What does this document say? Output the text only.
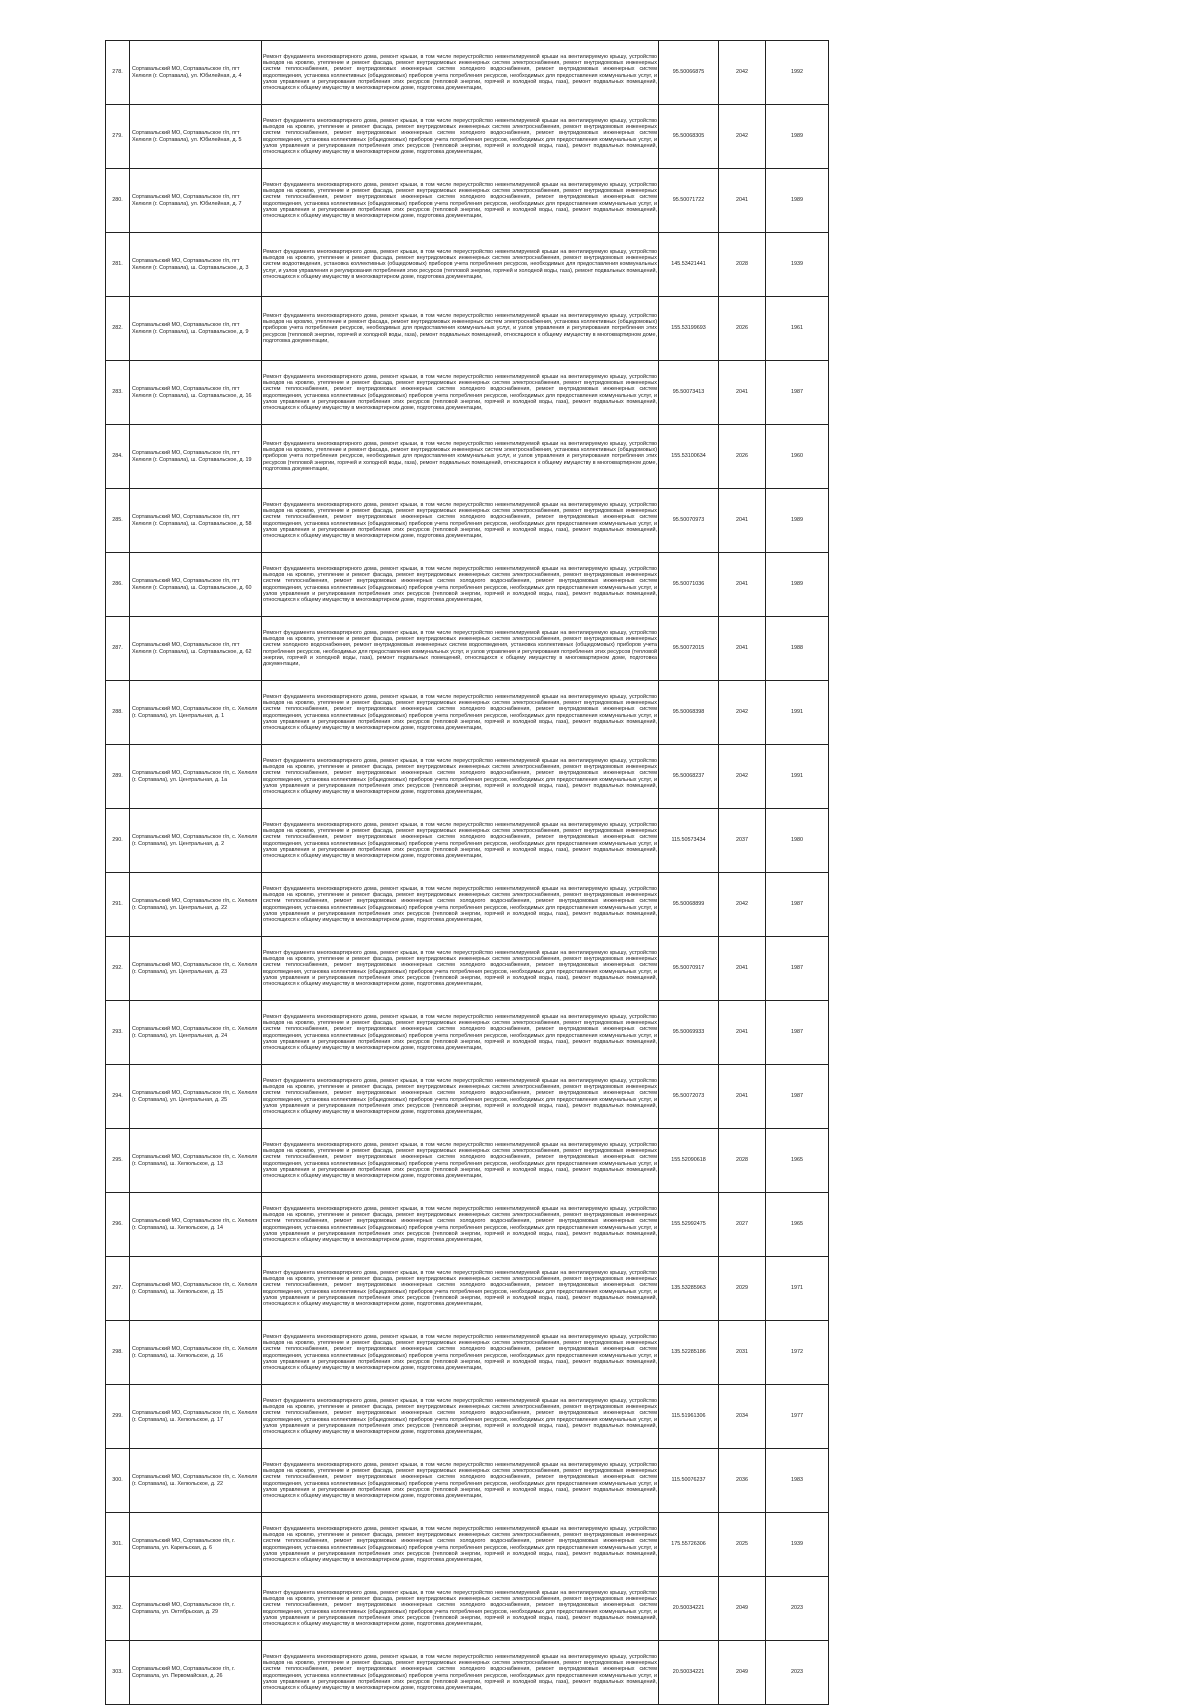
278.	Сортавальский МО, Сортавальское г/п, пгт Хелюля (г. Сортавала), ул. Юбилейная, д. 4	Ремонт фундамента многоквартирного дома, ремонт крыши, в том числе переустройство невентилируемой крыши на вентилируемую крышу, устройство выходов на кровлю, утепление и ремонт фасада, ремонт внутридомовых инженерных систем электроснабжения, ремонт внутридомовых инженерных систем теплоснабжения, ремонт внутридомовых инженерных систем холодного водоснабжения, ремонт внутридомовых инженерных систем водоотведения, установка коллективных (общедомовых) приборов учета потребления ресурсов, необходимых для предоставления коммунальных услуг, и узлов управления и регулирования потребления этих ресурсов (тепловой энергии, горячей и холодной воды, газа), ремонт подвальных помещений, относящихся к общему имуществу в многоквартирном доме, подготовка документации,	95.50066875	2042	1992
279.	Сортавальский МО, Сортавальское г/п, пгт Хелюля (г. Сортавала), ул. Юбилейная, д. 5	Ремонт фундамента многоквартирного дома, ремонт крыши, в том числе переустройство невентилируемой крыши на вентилируемую крышу, устройство выходов на кровлю, утепление и ремонт фасада, ремонт внутридомовых инженерных систем электроснабжения, ремонт внутридомовых инженерных систем теплоснабжения, ремонт внутридомовых инженерных систем холодного водоснабжения, ремонт внутридомовых инженерных систем водоотведения, установка коллективных (общедомовых) приборов учета потребления ресурсов, необходимых для предоставления коммунальных услуг, и узлов управления и регулирования потребления этих ресурсов (тепловой энергии, горячей и холодной воды, газа), ремонт подвальных помещений, относящихся к общему имуществу в многоквартирном доме, подготовка документации,	95.50068305	2042	1989
280.	Сортавальский МО, Сортавальское г/п, пгт Хелюля (г. Сортавала), ул. Юбилейная, д. 7	Ремонт фундамента многоквартирного дома, ремонт крыши, в том числе переустройство невентилируемой крыши на вентилируемую крышу, устройство выходов на кровлю, утепление и ремонт фасада, ремонт внутридомовых инженерных систем электроснабжения, ремонт внутридомовых инженерных систем теплоснабжения, ремонт внутридомовых инженерных систем холодного водоснабжения, ремонт внутридомовых инженерных систем водоотведения, установка коллективных (общедомовых) приборов учета потребления ресурсов, необходимых для предоставления коммунальных услуг, и узлов управления и регулирования потребления этих ресурсов (тепловой энергии, горячей и холодной воды, газа), ремонт подвальных помещений, относящихся к общему имуществу в многоквартирном доме, подготовка документации,	95.50071722	2041	1989
281.	Сортавальский МО, Сортавальское г/п, пгт Хелюля (г. Сортавала), ш. Сортавальское, д. 3	Ремонт фундамента многоквартирного дома, ремонт крыши, в том числе переустройство невентилируемой крыши на вентилируемую крышу, устройство выходов на кровлю, утепление и ремонт фасада, ремонт внутридомовых инженерных систем электроснабжения, ремонт внутридомовых инженерных систем водоотведения, установка коллективных (общедомовых) приборов учета потребления ресурсов, необходимых для предоставления коммунальных услуг, и узлов управления и регулирования потребления этих ресурсов (тепловой энергии, горячей и холодной воды, газа), ремонт подвальных помещений, относящихся к общему имуществу в многоквартирном доме, подготовка документации,	145.53421441	2028	1939
282.	Сортавальский МО, Сортавальское г/п, пгт Хелюля (г. Сортавала), ш. Сортавальское, д. 9	Ремонт фундамента многоквартирного дома, ремонт крыши, в том числе переустройство невентилируемой крыши на вентилируемую крышу, устройство выходов на кровлю, утепление и ремонт фасада, ремонт внутридомовых инженерных систем электроснабжения, установка коллективных (общедомовых) приборов учета потребления ресурсов, необходимых для предоставления коммунальных услуг, и узлов управления и регулирования потребления этих ресурсов (тепловой энергии, горячей и холодной воды, газа), ремонт подвальных помещений, относящихся к общему имуществу в многоквартирном доме, подготовка документации,	155.53199693	2026	1961
283.	Сортавальский МО, Сортавальское г/п, пгт Хелюля (г. Сортавала), ш. Сортавальское, д. 16	Ремонт фундамента многоквартирного дома, ремонт крыши, в том числе переустройство невентилируемой крыши на вентилируемую крышу, устройство выходов на кровлю, утепление и ремонт фасада, ремонт внутридомовых инженерных систем электроснабжения, ремонт внутридомовых инженерных систем теплоснабжения, ремонт внутридомовых инженерных систем холодного водоснабжения, ремонт внутридомовых инженерных систем водоотведения, установка коллективных (общедомовых) приборов учета потребления ресурсов, необходимых для предоставления коммунальных услуг, и узлов управления и регулирования потребления этих ресурсов (тепловой энергии, горячей и холодной воды, газа), ремонт подвальных помещений, относящихся к общему имуществу в многоквартирном доме, подготовка документации,	95.50073413	2041	1987
284.	Сортавальский МО, Сортавальское г/п, пгт Хелюля (г. Сортавала), ш. Сортавальское, д. 19	Ремонт фундамента многоквартирного дома, ремонт крыши, в том числе переустройство невентилируемой крыши на вентилируемую крышу, устройство выходов на кровлю, утепление и ремонт фасада, ремонт внутридомовых инженерных систем электроснабжения, установка коллективных (общедомовых) приборов учета потребления ресурсов, необходимых для предоставления коммунальных услуг, и узлов управления и регулирования потребления этих ресурсов (тепловой энергии, горячей и холодной воды, газа), ремонт подвальных помещений, относящихся к общему имуществу в многоквартирном доме, подготовка документации,	155.53100634	2026	1960
285.	Сортавальский МО, Сортавальское г/п, пгт Хелюля (г. Сортавала), ш. Сортавальское, д. 58	Ремонт фундамента многоквартирного дома, ремонт крыши, в том числе переустройство невентилируемой крыши на вентилируемую крышу, устройство выходов на кровлю, утепление и ремонт фасада, ремонт внутридомовых инженерных систем электроснабжения, ремонт внутридомовых инженерных систем теплоснабжения, ремонт внутридомовых инженерных систем холодного водоснабжения, ремонт внутридомовых инженерных систем водоотведения, установка коллективных (общедомовых) приборов учета потребления ресурсов, необходимых для предоставления коммунальных услуг, и узлов управления и регулирования потребления этих ресурсов (тепловой энергии, горячей и холодной воды, газа), ремонт подвальных помещений, относящихся к общему имуществу в многоквартирном доме, подготовка документации,	95.50070973	2041	1989
286.	Сортавальский МО, Сортавальское г/п, пгт Хелюля (г. Сортавала), ш. Сортавальское, д. 60	Ремонт фундамента многоквартирного дома, ремонт крыши, в том числе переустройство невентилируемой крыши на вентилируемую крышу, устройство выходов на кровлю, утепление и ремонт фасада, ремонт внутридомовых инженерных систем электроснабжения, ремонт внутридомовых инженерных систем теплоснабжения, ремонт внутридомовых инженерных систем холодного водоснабжения, ремонт внутридомовых инженерных систем водоотведения, установка коллективных (общедомовых) приборов учета потребления ресурсов, необходимых для предоставления коммунальных услуг, и узлов управления и регулирования потребления этих ресурсов (тепловой энергии, горячей и холодной воды, газа), ремонт подвальных помещений, относящихся к общему имуществу в многоквартирном доме, подготовка документации,	95.50071036	2041	1989
287.	Сортавальский МО, Сортавальское г/п, пгт Хелюля (г. Сортавала), ш. Сортавальское, д. 62	Ремонт фундамента многоквартирного дома, ремонт крыши, в том числе переустройство невентилируемой крыши на вентилируемую крышу, устройство выходов на кровлю, утепление и ремонт фасада, ремонт внутридомовых инженерных систем электроснабжения, ремонт внутридомовых инженерных систем холодного водоснабжения, ремонт внутридомовых инженерных систем водоотведения, установка коллективных (общедомовых) приборов учета потребления ресурсов, необходимых для предоставления коммунальных услуг, и узлов управления и регулирования потребления этих ресурсов (тепловой энергии, горячей и холодной воды, газа), ремонт подвальных помещений, относящихся к общему имуществу в многоквартирном доме, подготовка документации,	95.50072015	2041	1988
288.	Сортавальский МО, Сортавальское г/п, с. Хелюля (г. Сортавала), ул. Центральная, д. 1	Ремонт фундамента многоквартирного дома, ремонт крыши, в том числе переустройство невентилируемой крыши на вентилируемую крышу, устройство выходов на кровлю, утепление и ремонт фасада, ремонт внутридомовых инженерных систем электроснабжения, ремонт внутридомовых инженерных систем теплоснабжения, ремонт внутридомовых инженерных систем холодного водоснабжения, ремонт внутридомовых инженерных систем водоотведения, установка коллективных (общедомовых) приборов учета потребления ресурсов, необходимых для предоставления коммунальных услуг, и узлов управления и регулирования потребления этих ресурсов (тепловой энергии, горячей и холодной воды, газа), ремонт подвальных помещений, относящихся к общему имуществу в многоквартирном доме, подготовка документации,	95.50068398	2042	1991
289.	Сортавальский МО, Сортавальское г/п, с. Хелюля (г. Сортавала), ул. Центральная, д. 1а	Ремонт фундамента многоквартирного дома, ремонт крыши, в том числе переустройство невентилируемой крыши на вентилируемую крышу, устройство выходов на кровлю, утепление и ремонт фасада, ремонт внутридомовых инженерных систем электроснабжения, ремонт внутридомовых инженерных систем теплоснабжения, ремонт внутридомовых инженерных систем холодного водоснабжения, ремонт внутридомовых инженерных систем водоотведения, установка коллективных (общедомовых) приборов учета потребления ресурсов, необходимых для предоставления коммунальных услуг, и узлов управления и регулирования потребления этих ресурсов (тепловой энергии, горячей и холодной воды, газа), ремонт подвальных помещений, относящихся к общему имуществу в многоквартирном доме, подготовка документации,	95.50068237	2042	1991
290.	Сортавальский МО, Сортавальское г/п, с. Хелюля (г. Сортавала), ул. Центральная, д. 2	Ремонт фундамента многоквартирного дома, ремонт крыши, в том числе переустройство невентилируемой крыши на вентилируемую крышу, устройство выходов на кровлю, утепление и ремонт фасада, ремонт внутридомовых инженерных систем электроснабжения, ремонт внутридомовых инженерных систем теплоснабжения, ремонт внутридомовых инженерных систем холодного водоснабжения, ремонт внутридомовых инженерных систем водоотведения, установка коллективных (общедомовых) приборов учета потребления ресурсов, необходимых для предоставления коммунальных услуг, и узлов управления и регулирования потребления этих ресурсов (тепловой энергии, горячей и холодной воды, газа), ремонт подвальных помещений, относящихся к общему имуществу в многоквартирном доме, подготовка документации,	115.50573434	2037	1980
291.	Сортавальский МО, Сортавальское г/п, с. Хелюля (г. Сортавала), ул. Центральная, д. 22	Ремонт фундамента многоквартирного дома, ремонт крыши, в том числе переустройство невентилируемой крыши на вентилируемую крышу, устройство выходов на кровлю, утепление и ремонт фасада, ремонт внутридомовых инженерных систем электроснабжения, ремонт внутридомовых инженерных систем теплоснабжения, ремонт внутридомовых инженерных систем холодного водоснабжения, ремонт внутридомовых инженерных систем водоотведения, установка коллективных (общедомовых) приборов учета потребления ресурсов, необходимых для предоставления коммунальных услуг, и узлов управления и регулирования потребления этих ресурсов (тепловой энергии, горячей и холодной воды, газа), ремонт подвальных помещений, относящихся к общему имуществу в многоквартирном доме, подготовка документации,	95.50068899	2042	1987
292.	Сортавальский МО, Сортавальское г/п, с. Хелюля (г. Сортавала), ул. Центральная, д. 23	Ремонт фундамента многоквартирного дома, ремонт крыши, в том числе переустройство невентилируемой крыши на вентилируемую крышу, устройство выходов на кровлю, утепление и ремонт фасада, ремонт внутридомовых инженерных систем электроснабжения, ремонт внутридомовых инженерных систем теплоснабжения, ремонт внутридомовых инженерных систем холодного водоснабжения, ремонт внутридомовых инженерных систем водоотведения, установка коллективных (общедомовых) приборов учета потребления ресурсов, необходимых для предоставления коммунальных услуг, и узлов управления и регулирования потребления этих ресурсов (тепловой энергии, горячей и холодной воды, газа), ремонт подвальных помещений, относящихся к общему имуществу в многоквартирном доме, подготовка документации,	95.50070917	2041	1987
293.	Сортавальский МО, Сортавальское г/п, с. Хелюля (г. Сортавала), ул. Центральная, д. 24	Ремонт фундамента многоквартирного дома, ремонт крыши, в том числе переустройство невентилируемой крыши на вентилируемую крышу, устройство выходов на кровлю, утепление и ремонт фасада, ремонт внутридомовых инженерных систем электроснабжения, ремонт внутридомовых инженерных систем теплоснабжения, ремонт внутридомовых инженерных систем холодного водоснабжения, ремонт внутридомовых инженерных систем водоотведения, установка коллективных (общедомовых) приборов учета потребления ресурсов, необходимых для предоставления коммунальных услуг, и узлов управления и регулирования потребления этих ресурсов (тепловой энергии, горячей и холодной воды, газа), ремонт подвальных помещений, относящихся к общему имуществу в многоквартирном доме, подготовка документации,	95.50069933	2041	1987
294.	Сортавальский МО, Сортавальское г/п, с. Хелюля (г. Сортавала), ул. Центральная, д. 25	Ремонт фундамента многоквартирного дома, ремонт крыши, в том числе переустройство невентилируемой крыши на вентилируемую крышу, устройство выходов на кровлю, утепление и ремонт фасада, ремонт внутридомовых инженерных систем электроснабжения, ремонт внутридомовых инженерных систем теплоснабжения, ремонт внутридомовых инженерных систем холодного водоснабжения, ремонт внутридомовых инженерных систем водоотведения, установка коллективных (общедомовых) приборов учета потребления ресурсов, необходимых для предоставления коммунальных услуг, и узлов управления и регулирования потребления этих ресурсов (тепловой энергии, горячей и холодной воды, газа), ремонт подвальных помещений, относящихся к общему имуществу в многоквартирном доме, подготовка документации,	95.50072073	2041	1987
295.	Сортавальский МО, Сортавальское г/п, с. Хелюля (г. Сортавала), ш. Хелюльское, д. 13	Ремонт фундамента многоквартирного дома, ремонт крыши, в том числе переустройство невентилируемой крыши на вентилируемую крышу, устройство выходов на кровлю, утепление и ремонт фасада, ремонт внутридомовых инженерных систем электроснабжения, ремонт внутридомовых инженерных систем теплоснабжения, ремонт внутридомовых инженерных систем холодного водоснабжения, ремонт внутридомовых инженерных систем водоотведения, установка коллективных (общедомовых) приборов учета потребления ресурсов, необходимых для предоставления коммунальных услуг, и узлов управления и регулирования потребления этих ресурсов (тепловой энергии, горячей и холодной воды, газа), ремонт подвальных помещений, относящихся к общему имуществу в многоквартирном доме, подготовка документации,	155.52090618	2028	1965
296.	Сортавальский МО, Сортавальское г/п, с. Хелюля (г. Сортавала), ш. Хелюльское, д. 14	Ремонт фундамента многоквартирного дома, ремонт крыши, в том числе переустройство невентилируемой крыши на вентилируемую крышу, устройство выходов на кровлю, утепление и ремонт фасада, ремонт внутридомовых инженерных систем электроснабжения, ремонт внутридомовых инженерных систем теплоснабжения, ремонт внутридомовых инженерных систем холодного водоснабжения, ремонт внутридомовых инженерных систем водоотведения, установка коллективных (общедомовых) приборов учета потребления ресурсов, необходимых для предоставления коммунальных услуг, и узлов управления и регулирования потребления этих ресурсов (тепловой энергии, горячей и холодной воды, газа), ремонт подвальных помещений, относящихся к общему имуществу в многоквартирном доме, подготовка документации,	155.52992475	2027	1965
297.	Сортавальский МО, Сортавальское г/п, с. Хелюля (г. Сортавала), ш. Хелюльское, д. 15	Ремонт фундамента многоквартирного дома, ремонт крыши, в том числе переустройство невентилируемой крыши на вентилируемую крышу, устройство выходов на кровлю, утепление и ремонт фасада, ремонт внутридомовых инженерных систем электроснабжения, ремонт внутридомовых инженерных систем теплоснабжения, ремонт внутридомовых инженерных систем холодного водоснабжения, ремонт внутридомовых инженерных систем водоотведения, установка коллективных (общедомовых) приборов учета потребления ресурсов, необходимых для предоставления коммунальных услуг, и узлов управления и регулирования потребления этих ресурсов (тепловой энергии, горячей и холодной воды, газа), ремонт подвальных помещений, относящихся к общему имуществу в многоквартирном доме, подготовка документации,	135.53285963	2029	1971
298.	Сортавальский МО, Сортавальское г/п, с. Хелюля (г. Сортавала), ш. Хелюльское, д. 16	Ремонт фундамента многоквартирного дома, ремонт крыши, в том числе переустройство невентилируемой крыши на вентилируемую крышу, устройство выходов на кровлю, утепление и ремонт фасада, ремонт внутридомовых инженерных систем электроснабжения, ремонт внутридомовых инженерных систем теплоснабжения, ремонт внутридомовых инженерных систем холодного водоснабжения, ремонт внутридомовых инженерных систем водоотведения, установка коллективных (общедомовых) приборов учета потребления ресурсов, необходимых для предоставления коммунальных услуг, и узлов управления и регулирования потребления этих ресурсов (тепловой энергии, горячей и холодной воды, газа), ремонт подвальных помещений, относящихся к общему имуществу в многоквартирном доме, подготовка документации,	135.52285186	2031	1972
299.	Сортавальский МО, Сортавальское г/п, с. Хелюля (г. Сортавала), ш. Хелюльское, д. 17	Ремонт фундамента многоквартирного дома, ремонт крыши, в том числе переустройство невентилируемой крыши на вентилируемую крышу, устройство выходов на кровлю, утепление и ремонт фасада, ремонт внутридомовых инженерных систем электроснабжения, ремонт внутридомовых инженерных систем теплоснабжения, ремонт внутридомовых инженерных систем холодного водоснабжения, ремонт внутридомовых инженерных систем водоотведения, установка коллективных (общедомовых) приборов учета потребления ресурсов, необходимых для предоставления коммунальных услуг, и узлов управления и регулирования потребления этих ресурсов (тепловой энергии, горячей и холодной воды, газа), ремонт подвальных помещений, относящихся к общему имуществу в многоквартирном доме, подготовка документации,	115.51961306	2034	1977
300.	Сортавальский МО, Сортавальское г/п, с. Хелюля (г. Сортавала), ш. Хелюльское, д. 22	Ремонт фундамента многоквартирного дома, ремонт крыши, в том числе переустройство невентилируемой крыши на вентилируемую крышу, устройство выходов на кровлю, утепление и ремонт фасада, ремонт внутридомовых инженерных систем электроснабжения, ремонт внутридомовых инженерных систем теплоснабжения, ремонт внутридомовых инженерных систем холодного водоснабжения, ремонт внутридомовых инженерных систем водоотведения, установка коллективных (общедомовых) приборов учета потребления ресурсов, необходимых для предоставления коммунальных услуг, и узлов управления и регулирования потребления этих ресурсов (тепловой энергии, горячей и холодной воды, газа), ремонт подвальных помещений, относящихся к общему имуществу в многоквартирном доме, подготовка документации,	115.50076237	2036	1983
301.	Сортавальский МО, Сортавальское г/п, г. Сортавала, ул. Карельская, д. 6	Ремонт фундамента многоквартирного дома, ремонт крыши, в том числе переустройство невентилируемой крыши на вентилируемую крышу, устройство выходов на кровлю, утепление и ремонт фасада, ремонт внутридомовых инженерных систем электроснабжения, ремонт внутридомовых инженерных систем теплоснабжения, ремонт внутридомовых инженерных систем холодного водоснабжения, ремонт внутридомовых инженерных систем водоотведения, установка коллективных (общедомовых) приборов учета потребления ресурсов, необходимых для предоставления коммунальных услуг, и узлов управления и регулирования потребления этих ресурсов (тепловой энергии, горячей и холодной воды, газа), ремонт подвальных помещений, относящихся к общему имуществу в многоквартирном доме, подготовка документации,	175.55726306	2025	1939
302.	Сортавальский МО, Сортавальское г/п, г. Сортавала, ул. Октябрьская, д. 29	Ремонт фундамента многоквартирного дома, ремонт крыши, в том числе переустройство невентилируемой крыши на вентилируемую крышу, устройство выходов на кровлю, утепление и ремонт фасада, ремонт внутридомовых инженерных систем электроснабжения, ремонт внутридомовых инженерных систем теплоснабжения, ремонт внутридомовых инженерных систем холодного водоснабжения, ремонт внутридомовых инженерных систем водоотведения, установка коллективных (общедомовых) приборов учета потребления ресурсов, необходимых для предоставления коммунальных услуг, и узлов управления и регулирования потребления этих ресурсов (тепловой энергии, горячей и холодной воды, газа), ремонт подвальных помещений, относящихся к общему имуществу в многоквартирном доме, подготовка документации,	20.50034221	2049	2023
303.	Сортавальский МО, Сортавальское г/п, г. Сортавала, ул. Первомайская, д. 26	Ремонт фундамента многоквартирного дома, ремонт крыши, в том числе переустройство невентилируемой крыши на вентилируемую крышу, устройство выходов на кровлю, утепление и ремонт фасада, ремонт внутридомовых инженерных систем электроснабжения, ремонт внутридомовых инженерных систем теплоснабжения, ремонт внутридомовых инженерных систем холодного водоснабжения, ремонт внутридомовых инженерных систем водоотведения, установка коллективных (общедомовых) приборов учета потребления ресурсов, необходимых для предоставления коммунальных услуг, и узлов управления и регулирования потребления этих ресурсов (тепловой энергии, горячей и холодной воды, газа), ремонт подвальных помещений, относящихся к общему имуществу в многоквартирном доме, подготовка документации,	20.50034221	2049	2023
